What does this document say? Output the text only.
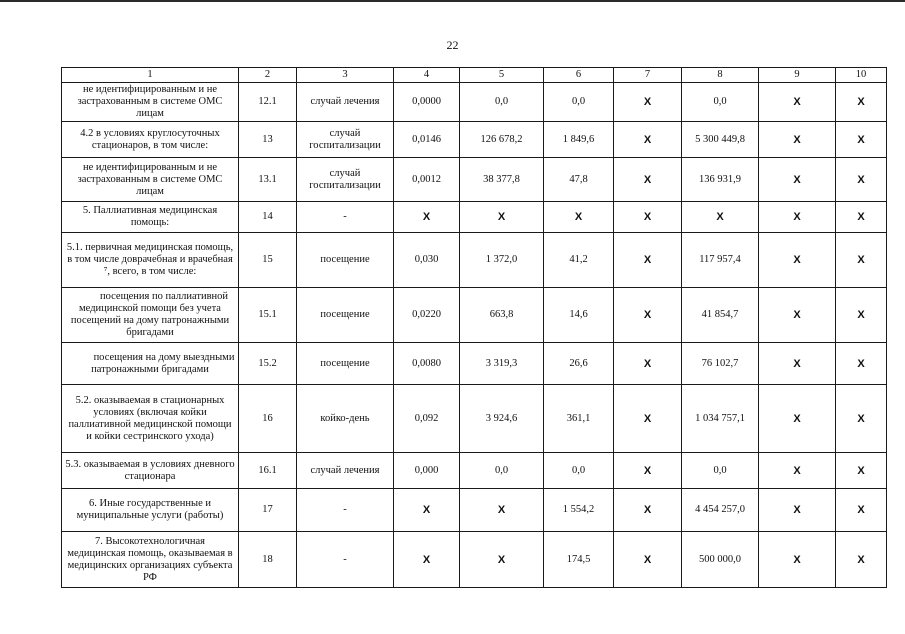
22
1	2	3	4	5	6	7	8	9	10
не идентифицированным и не застрахованным в системе ОМС лицам	12.1	случай лечения	0,0000	0,0	0,0	Х	0,0	Х	Х
4.2 в условиях круглосуточных стационаров, в том числе:	13	случай госпитализации	0,0146	126 678,2	1 849,6	Х	5 300 449,8	Х	Х
не идентифицированным и не застрахованным в системе ОМС лицам	13.1	случай госпитализации	0,0012	38 377,8	47,8	Х	136 931,9	Х	Х
5. Паллиативная медицинская помощь:	14	-	Х	Х	Х	Х	Х	Х	Х
5.1. первичная медицинская помощь, в том числе доврачебная и врачебная ⁷, всего, в том числе:	15	посещение	0,030	1 372,0	41,2	Х	117 957,4	Х	Х
посещения по паллиативной медицинской помощи без учета посещений на дому патронажными бригадами	15.1	посещение	0,0220	663,8	14,6	Х	41 854,7	Х	Х
посещения на дому выездными патронажными бригадами	15.2	посещение	0,0080	3 319,3	26,6	Х	76 102,7	Х	Х
5.2. оказываемая в стационарных условиях (включая койки паллиативной медицинской помощи и койки сестринского ухода)	16	койко-день	0,092	3 924,6	361,1	Х	1 034 757,1	Х	Х
5.3. оказываемая в условиях дневного стационара	16.1	случай лечения	0,000	0,0	0,0	Х	0,0	Х	Х
6. Иные государственные и муниципальные услуги (работы)	17	-	Х	Х	1 554,2	Х	4 454 257,0	Х	Х
7. Высокотехнологичная медицинская помощь, оказываемая в медицинских организациях субъекта РФ	18	-	Х	Х	174,5	Х	500 000,0	Х	Х
